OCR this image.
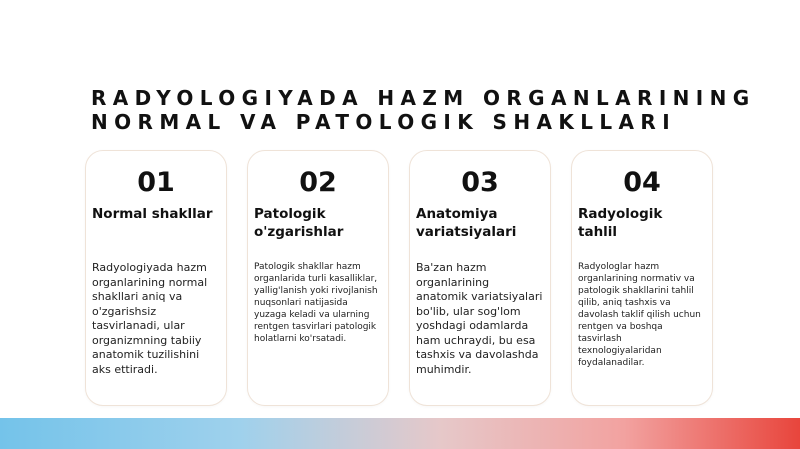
RADYOLOGIYADA HAZM ORGANLARINING
NORMAL VA PATOLOGIK SHAKLLARI
01
Normal shakllar
Radyologiyada hazm organlarining normal shakllari aniq va o'zgarishsiz tasvirlanadi, ular organizmning tabiiy anatomik tuzilishini aks ettiradi.
02
Patologik o'zgarishlar
Patologik shakllar hazm organlarida turli kasalliklar, yallig'lanish yoki rivojlanish nuqsonlari natijasida yuzaga keladi va ularning rentgen tasvirlari patologik holatlarni ko'rsatadi.
03
Anatomiya variatsiyalari
Ba'zan hazm organlarining anatomik variatsiyalari bo'lib, ular sog'lom yoshdagi odamlarda ham uchraydi, bu esa tashxis va davolashda muhimdir.
04
Radyologik tahlil
Radyologlar hazm organlarining normativ va patologik shakllarini tahlil qilib, aniq tashxis va davolash taklif qilish uchun rentgen va boshqa tasvirlash texnologiyalaridan foydalanadilar.
